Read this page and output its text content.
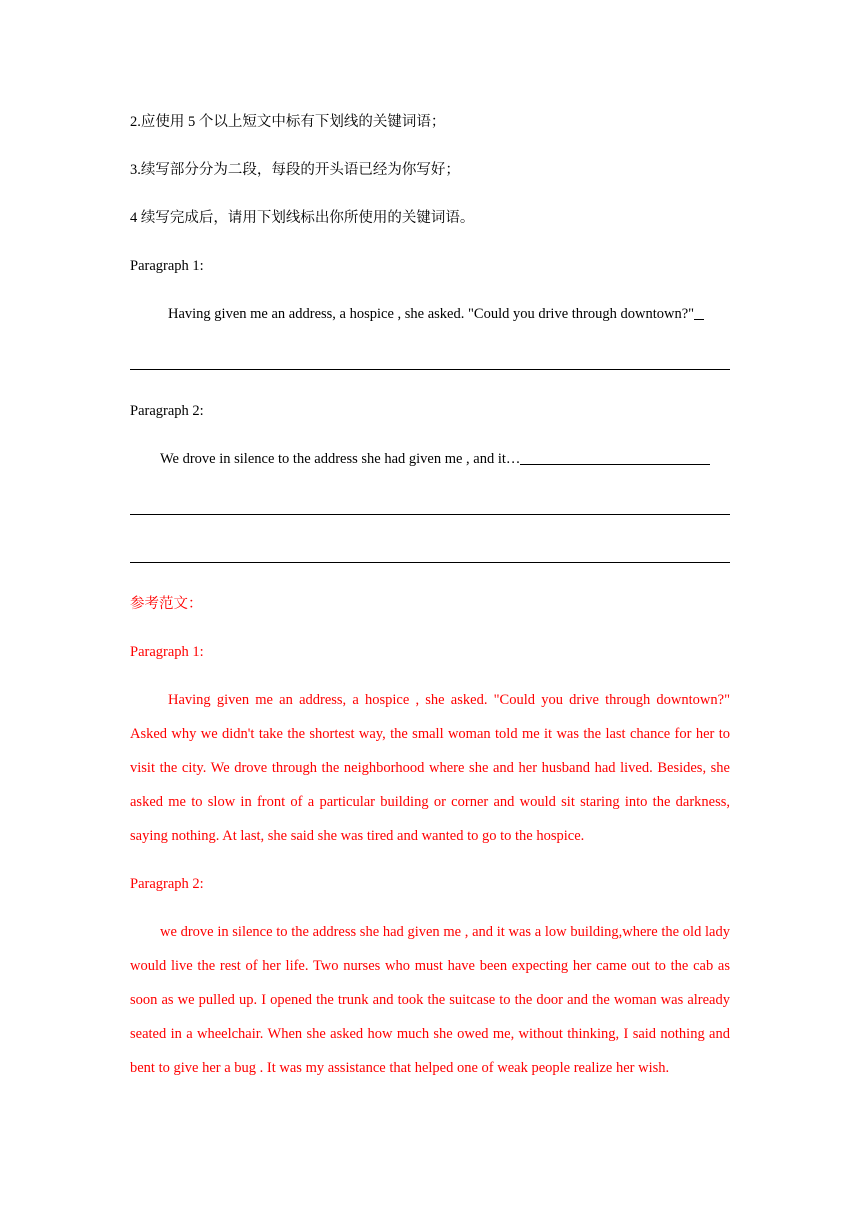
2.应使用 5 个以上短文中标有下划线的关键词语；
3.续写部分分为二段，每段的开头语已经为你写好；
4 续写完成后，请用下划线标出你所使用的关键词语。
Paragraph 1:
Having given me an address, a hospice , she asked. "Could you drive through downtown?"
Paragraph 2:
We drove in silence to the address she had given me , and it…
参考范文：
Paragraph 1:
Having given me an address, a hospice , she asked. "Could you drive through downtown?" Asked why we didn't take the shortest way, the small woman told me it was the last chance for her to visit the city. We drove through the neighborhood where she and her husband had lived. Besides, she asked me to slow in front of a particular building or corner and would sit staring into the darkness, saying nothing. At last, she said she was tired and wanted to go to the hospice.
Paragraph 2:
we drove in silence to the address she had given me , and it was a low building,where the old lady would live the rest of her life. Two nurses who must have been expecting her came out to the cab as soon as we pulled up. I opened the trunk and took the suitcase to the door and the woman was already seated in a wheelchair. When she asked how much she owed me, without thinking, I said nothing and bent to give her a bug . It was my assistance that helped one of weak people realize her wish.
